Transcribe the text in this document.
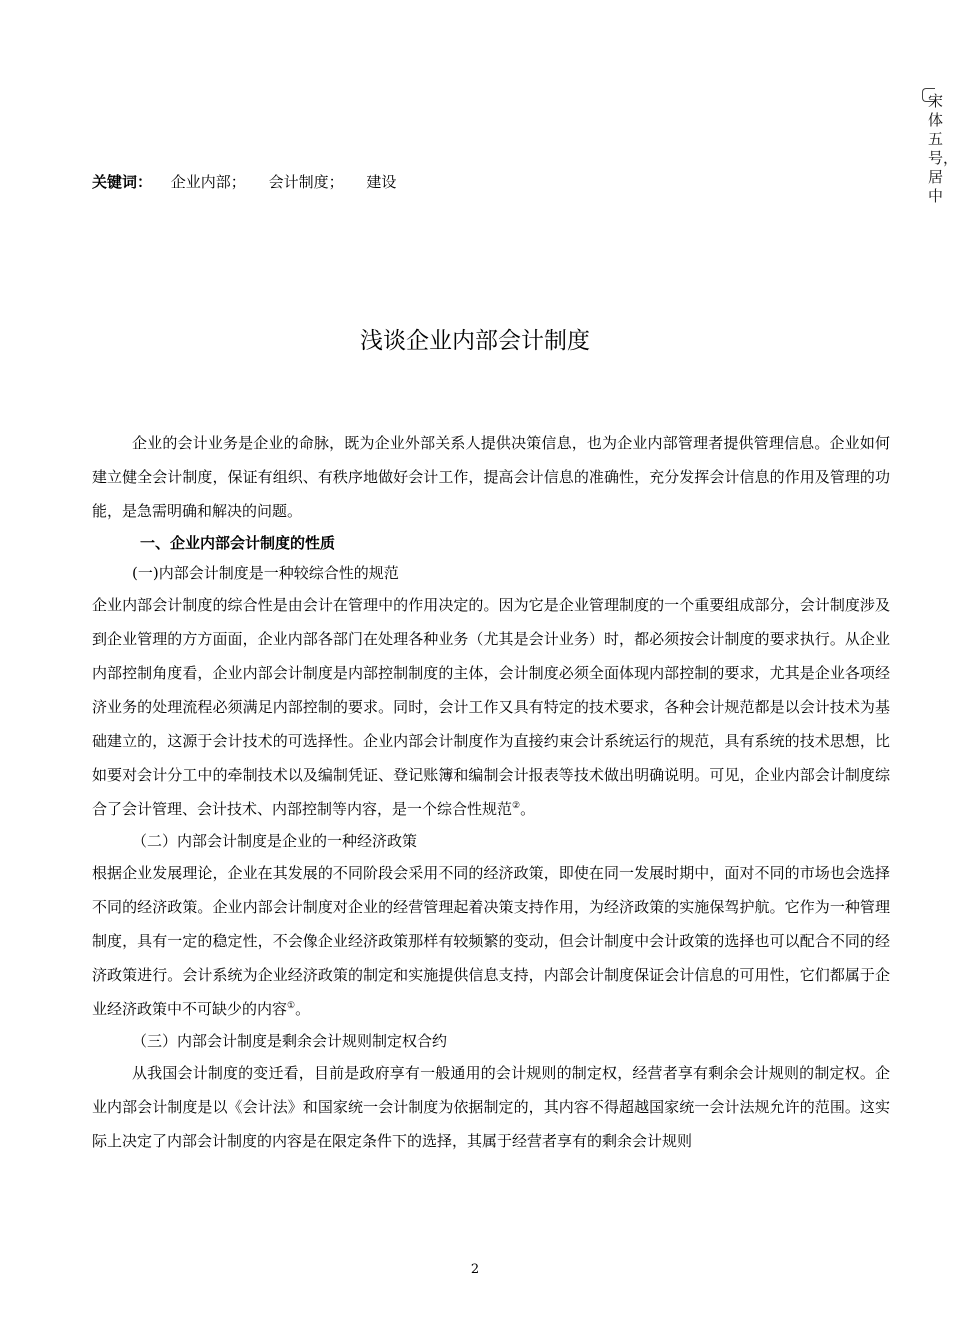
宋体五号，居中
关键词： 企业内部； 会计制度； 建设
浅谈企业内部会计制度

企业的会计业务是企业的命脉，既为企业外部关系人提供决策信息，也为企业内部管理者提供管理信息。企业如何建立健全会计制度，保证有组织、有秩序地做好会计工作，提高会计信息的准确性，充分发挥会计信息的作用及管理的功能，是急需明确和解决的问题。

一、企业内部会计制度的性质

(一)内部会计制度是一种较综合性的规范

企业内部会计制度的综合性是由会计在管理中的作用决定的。因为它是企业管理制度的一个重要组成部分，会计制度涉及到企业管理的方方面面，企业内部各部门在处理各种业务（尤其是会计业务）时，都必须按会计制度的要求执行。从企业内部控制角度看，企业内部会计制度是内部控制制度的主体，会计制度必须全面体现内部控制的要求，尤其是企业各项经济业务的处理流程必须满足内部控制的要求。同时，会计工作又具有特定的技术要求，各种会计规范都是以会计技术为基础建立的，这源于会计技术的可选择性。企业内部会计制度作为直接约束会计系统运行的规范，具有系统的技术思想，比如要对会计分工中的牵制技术以及编制凭证、登记账簿和编制会计报表等技术做出明确说明。可见，企业内部会计制度综合了会计管理、会计技术、内部控制等内容，是一个综合性规范②。

（二）内部会计制度是企业的一种经济政策

根据企业发展理论，企业在其发展的不同阶段会采用不同的经济政策，即使在同一发展时期中，面对不同的市场也会选择不同的经济政策。企业内部会计制度对企业的经营管理起着决策支持作用，为经济政策的实施保驾护航。它作为一种管理制度，具有一定的稳定性，不会像企业经济政策那样有较频繁的变动，但会计制度中会计政策的选择也可以配合不同的经济政策进行。会计系统为企业经济政策的制定和实施提供信息支持，内部会计制度保证会计信息的可用性，它们都属于企业经济政策中不可缺少的内容①。

（三）内部会计制度是剩余会计规则制定权合约

从我国会计制度的变迁看，目前是政府享有一般通用的会计规则的制定权，经营者享有剩余会计规则的制定权。企业内部会计制度是以《会计法》和国家统一会计制度为依据制定的，其内容不得超越国家统一会计法规允许的范围。这实际上决定了内部会计制度的内容是在限定条件下的选择，其属于经营者享有的剩余会计规则

2
